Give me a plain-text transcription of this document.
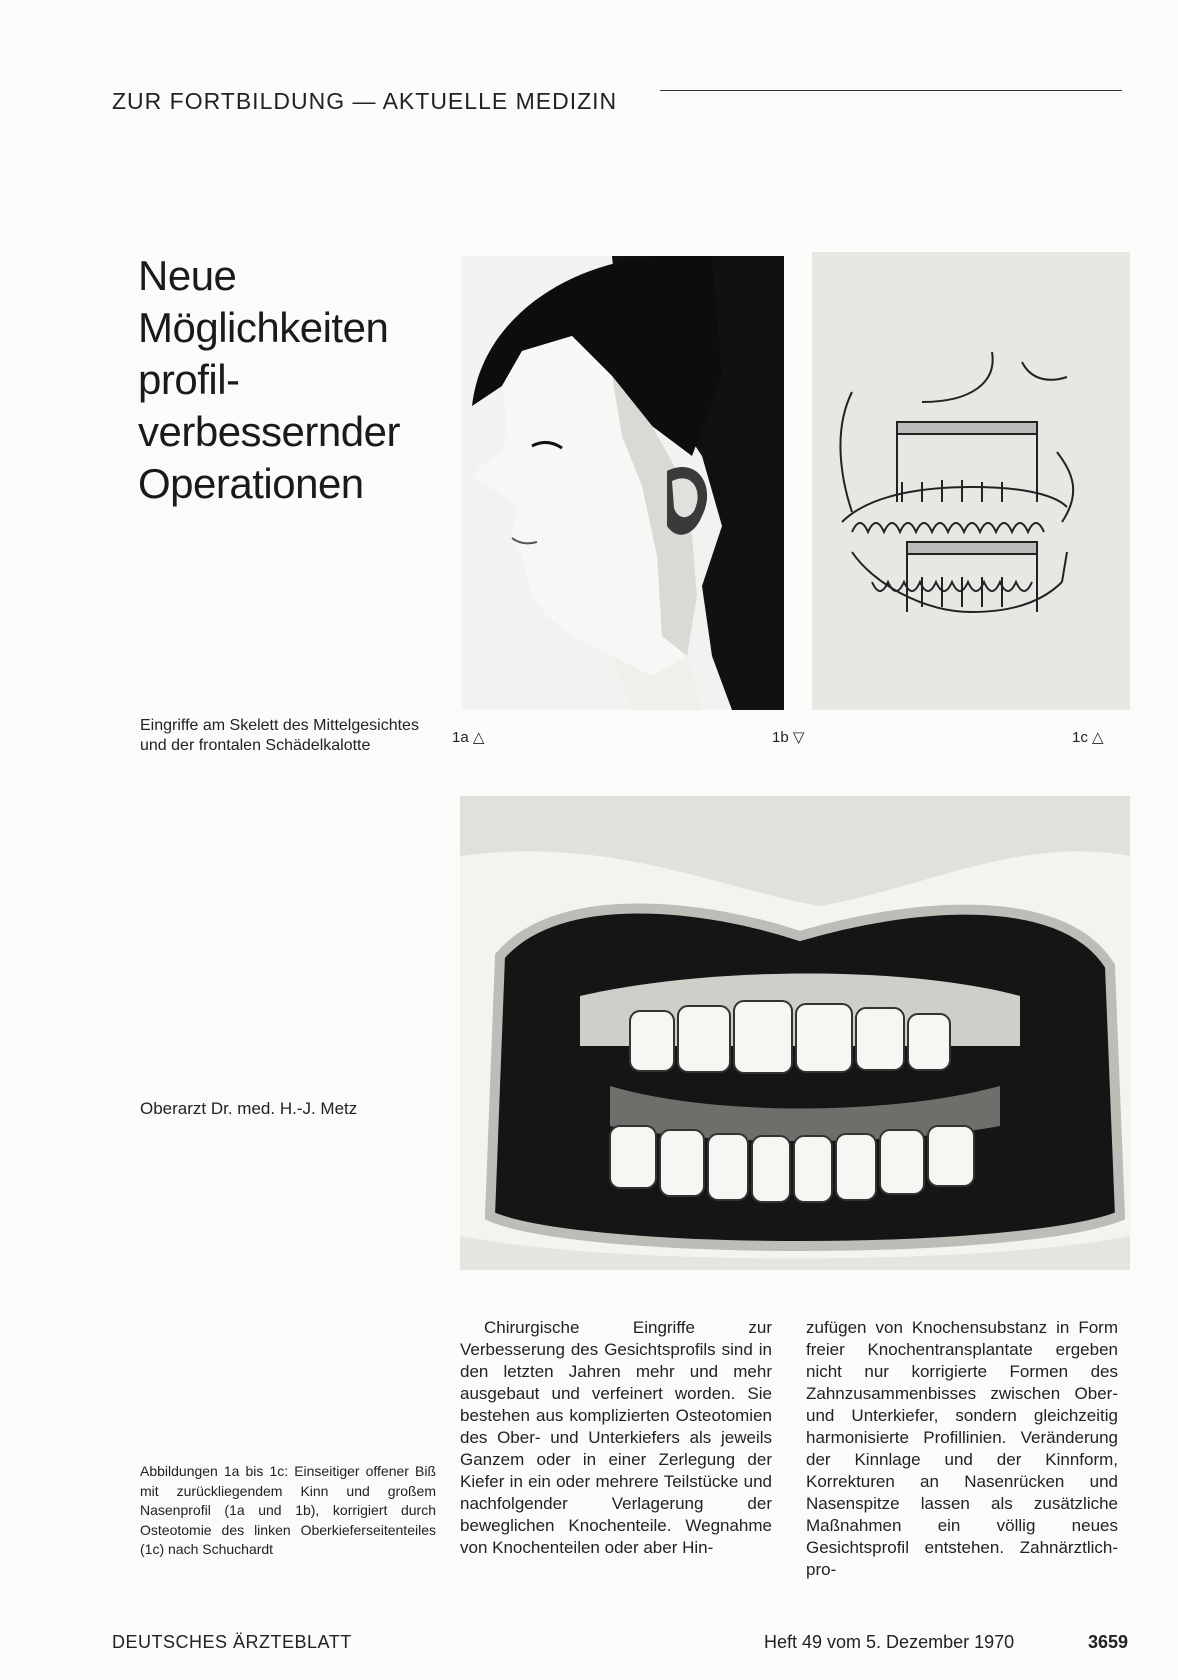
ZUR FORTBILDUNG — AKTUELLE MEDIZIN
Neue
Möglichkeiten
profil-
verbessernder
Operationen
1a △	1b ▽	1c △
Eingriffe am Skelett des Mittelgesichtes und der frontalen Schädelkalotte
Oberarzt Dr. med. H.-J. Metz
Abbildungen 1a bis 1c: Einseitiger offener Biß mit zurückliegendem Kinn und großem Nasenprofil (1a und 1b), korrigiert durch Osteotomie des linken Oberkieferseitenteiles (1c) nach Schuchardt
Chirurgische Eingriffe zur Verbesserung des Gesichtsprofils sind in den letzten Jahren mehr und mehr ausgebaut und verfeinert worden. Sie bestehen aus komplizierten Osteotomien des Ober- und Unterkiefers als jeweils Ganzem oder in einer Zerlegung der Kiefer in ein oder mehrere Teilstücke und nachfolgender Verlagerung der beweglichen Knochenteile. Wegnahme von Knochenteilen oder aber Hin-
zufügen von Knochensubstanz in Form freier Knochentransplantate ergeben nicht nur korrigierte Formen des Zahnzusammenbisses zwischen Ober- und Unterkiefer, sondern gleichzeitig harmonisierte Profillinien. Veränderung der Kinnlage und der Kinnform, Korrekturen an Nasenrücken und Nasenspitze lassen als zusätzliche Maßnahmen ein völlig neues Gesichtsprofil entstehen. Zahnärztlich-pro-
DEUTSCHES ÄRZTEBLATT	Heft 49 vom 5. Dezember 1970	3659
